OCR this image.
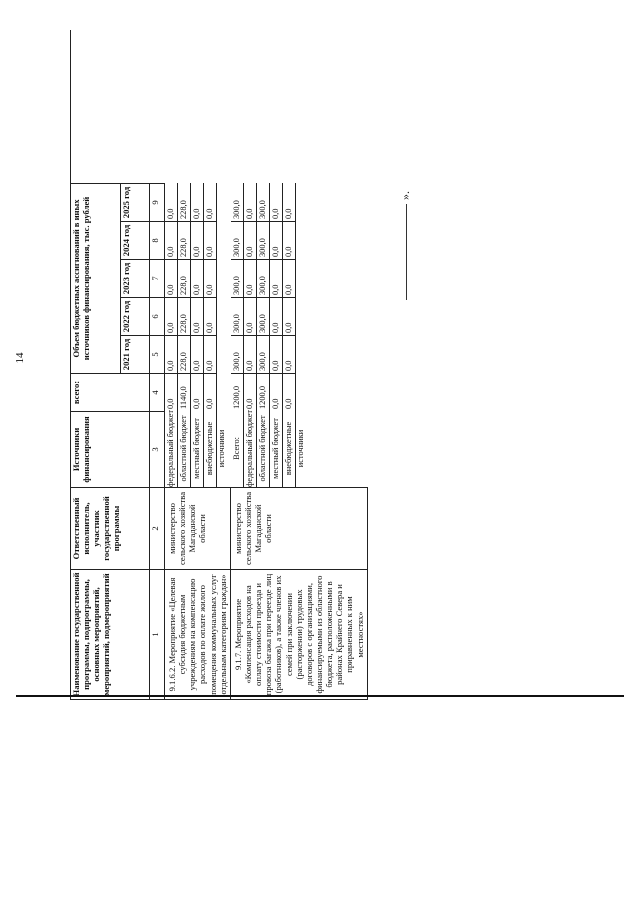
14
Наименование государственной программы, подпрограммы, основных мероприятий, мероприятий, подмероприятий
Ответственный исполнитель, участник государственной программы
Источники финансирования
всего:
Объем бюджетных ассигнований в иных источников финансирования, тыс. рублей	2021 год
2022 год
2023 год
2024 год
2025 год
1
2
3
4
5
6
7
8
9
9.1.6.2. Мероприятие «Целевая субсидия бюджетным учреждениям на компенсацию расходов по оплате жилого помещения коммунальных услуг отдельным категориям граждан»
министерство сельского хозяйства Магаданской области
федеральный бюджет областной бюджет местный бюджет внебюджетные источники
0,0
0,0
0,0
0,0
0,0
0,0
1140,0
228,0
228,0
228,0
228,0
228,0
0,0
0,0
0,0
0,0
0,0
0,0
0,0
0,0
0,0
0,0
0,0
0,0
9.1.7. Мероприятие «Компенсация расходов на оплату стоимости проезда и провоза багажа при переезде лиц (работников), а также членов их семей при заключении (расторжении) трудовых договоров с организациями, финансируемыми из областного бюджета, расположенными в районах Крайнего Севера и приравненных к ним местностях»
министерство сельского хозяйства Магаданской области
Всего: федеральный бюджет областной бюджет местный бюджет внебюджетные источники
1200,0
300,0
300,0
300,0
300,0
300,0
0,0
0,0
0,0
0,0
0,0
0,0
1200,0
300,0
300,0
300,0
300,0
300,0
0,0
0,0
0,0
0,0
0,0
0,0
0,0
0,0
0,0
0,0
0,0
0,0
».
